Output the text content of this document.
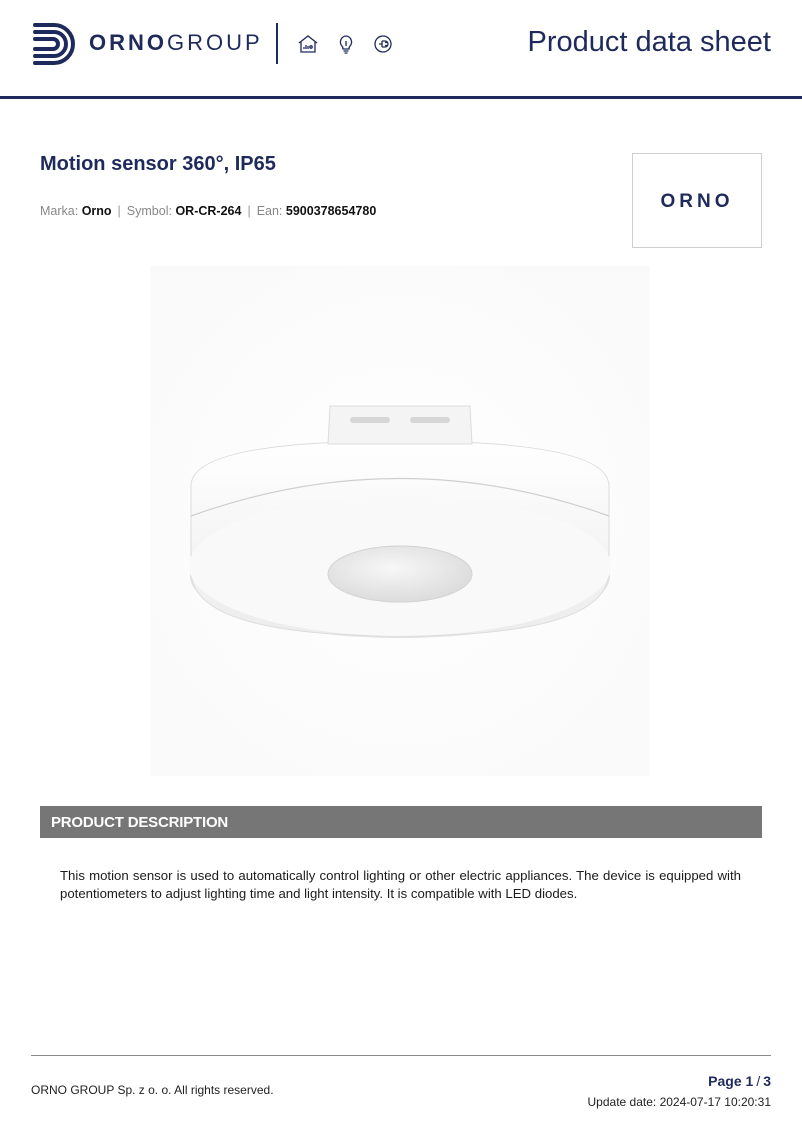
ORNOGROUP	Product data sheet
Motion sensor 360°, IP65
Marka: Orno | Symbol: OR-CR-264 | Ean: 5900378654780	ORNO
PRODUCT DESCRIPTION
This motion sensor is used to automatically control lighting or other electric appliances. The device is equipped with potentiometers to adjust lighting time and light intensity. It is compatible with LED diodes.
ORNO GROUP Sp. z o. o. All rights reserved.
Page 1 / 3
Update date: 2024-07-17 10:20:31
